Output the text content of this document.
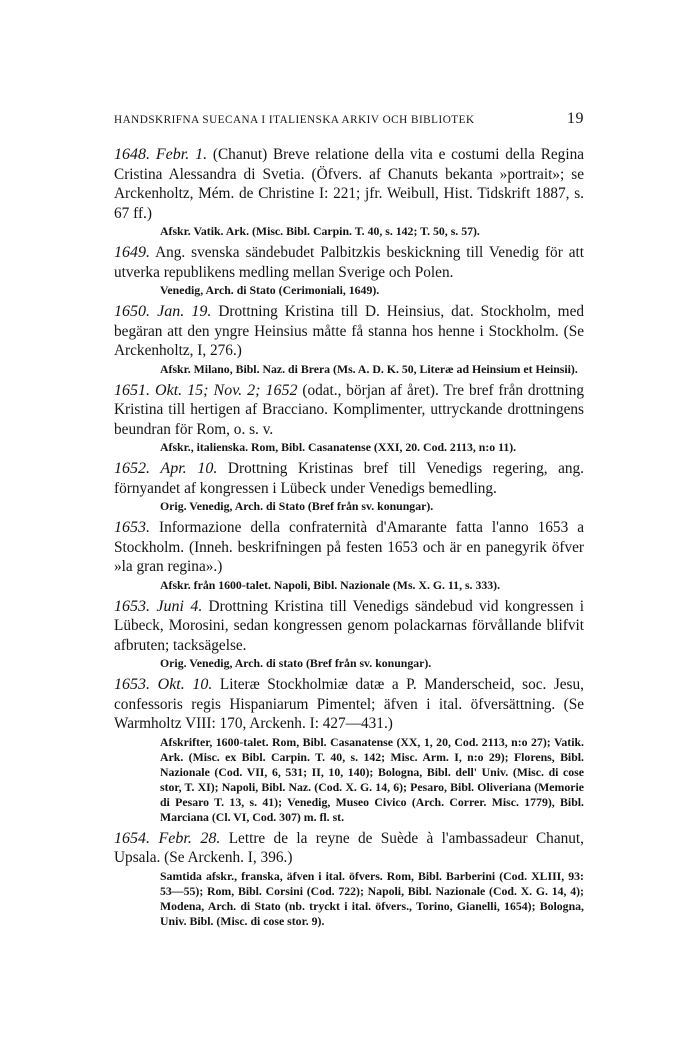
HANDSKRIFNA SUECANA I ITALIENSKA ARKIV OCH BIBLIOTEK	19

1648. Febr. 1. (Chanut) Breve relatione della vita e costumi della Regina Cristina Alessandra di Svetia. (Öfvers. af Chanuts bekanta »portrait»; se Arckenholtz, Mém. de Christine I: 221; jfr. Weibull, Hist. Tidskrift 1887, s. 67 ff.)

Afskr. Vatik. Ark. (Misc. Bibl. Carpin. T. 40, s. 142; T. 50, s. 57).

1649. Ang. svenska sändebudet Palbitzkis beskickning till Venedig för att utverka republikens medling mellan Sverige och Polen.

Venedig, Arch. di Stato (Cerimoniali, 1649).

1650. Jan. 19. Drottning Kristina till D. Heinsius, dat. Stockholm, med begäran att den yngre Heinsius måtte få stanna hos henne i Stockholm. (Se Arckenholtz, I, 276.)

Afskr. Milano, Bibl. Naz. di Brera (Ms. A. D. K. 50, Literæ ad Heinsium et Heinsii).

1651. Okt. 15; Nov. 2; 1652 (odat., början af året). Tre bref från drottning Kristina till hertigen af Bracciano. Komplimenter, uttryckande drottningens beundran för Rom, o. s. v.

Afskr., italienska. Rom, Bibl. Casanatense (XXI, 20. Cod. 2113, n:o 11).

1652. Apr. 10. Drottning Kristinas bref till Venedigs regering, ang. förnyandet af kongressen i Lübeck under Venedigs bemedling.

Orig. Venedig, Arch. di Stato (Bref från sv. konungar).

1653. Informazione della confraternità d'Amarante fatta l'anno 1653 a Stockholm. (Inneh. beskrifningen på festen 1653 och är en panegyrik öfver »la gran regina».)

Afskr. från 1600-talet. Napoli, Bibl. Nazionale (Ms. X. G. 11, s. 333).

1653. Juni 4. Drottning Kristina till Venedigs sändebud vid kongressen i Lübeck, Morosini, sedan kongressen genom polackarnas förvållande blifvit afbruten; tacksägelse.

Orig. Venedig, Arch. di stato (Bref från sv. konungar).

1653. Okt. 10. Literæ Stockholmiæ datæ a P. Manderscheid, soc. Jesu, confessoris regis Hispaniarum Pimentel; äfven i ital. öfversättning. (Se Warmholtz VIII: 170, Arckenh. I: 427—431.)

Afskrifter, 1600-talet. Rom, Bibl. Casanatense (XX, 1, 20, Cod. 2113, n:o 27); Vatik. Ark. (Misc. ex Bibl. Carpin. T. 40, s. 142; Misc. Arm. I, n:o 29); Florens, Bibl. Nazionale (Cod. VII, 6, 531; II, 10, 140); Bologna, Bibl. dell' Univ. (Misc. di cose stor, T. XI); Napoli, Bibl. Naz. (Cod. X. G. 14, 6); Pesaro, Bibl. Oliveriana (Memorie di Pesaro T. 13, s. 41); Venedig, Museo Civico (Arch. Correr. Misc. 1779), Bibl. Marciana (Cl. VI, Cod. 307) m. fl. st.

1654. Febr. 28. Lettre de la reyne de Suède à l'ambassadeur Chanut, Upsala. (Se Arckenh. I, 396.)

Samtida afskr., franska, äfven i ital. öfvers. Rom, Bibl. Barberini (Cod. XLIII, 93: 53—55); Rom, Bibl. Corsini (Cod. 722); Napoli, Bibl. Nazionale (Cod. X. G. 14, 4); Modena, Arch. di Stato (nb. tryckt i ital. öfvers., Torino, Gianelli, 1654); Bologna, Univ. Bibl. (Misc. di cose stor. 9).
